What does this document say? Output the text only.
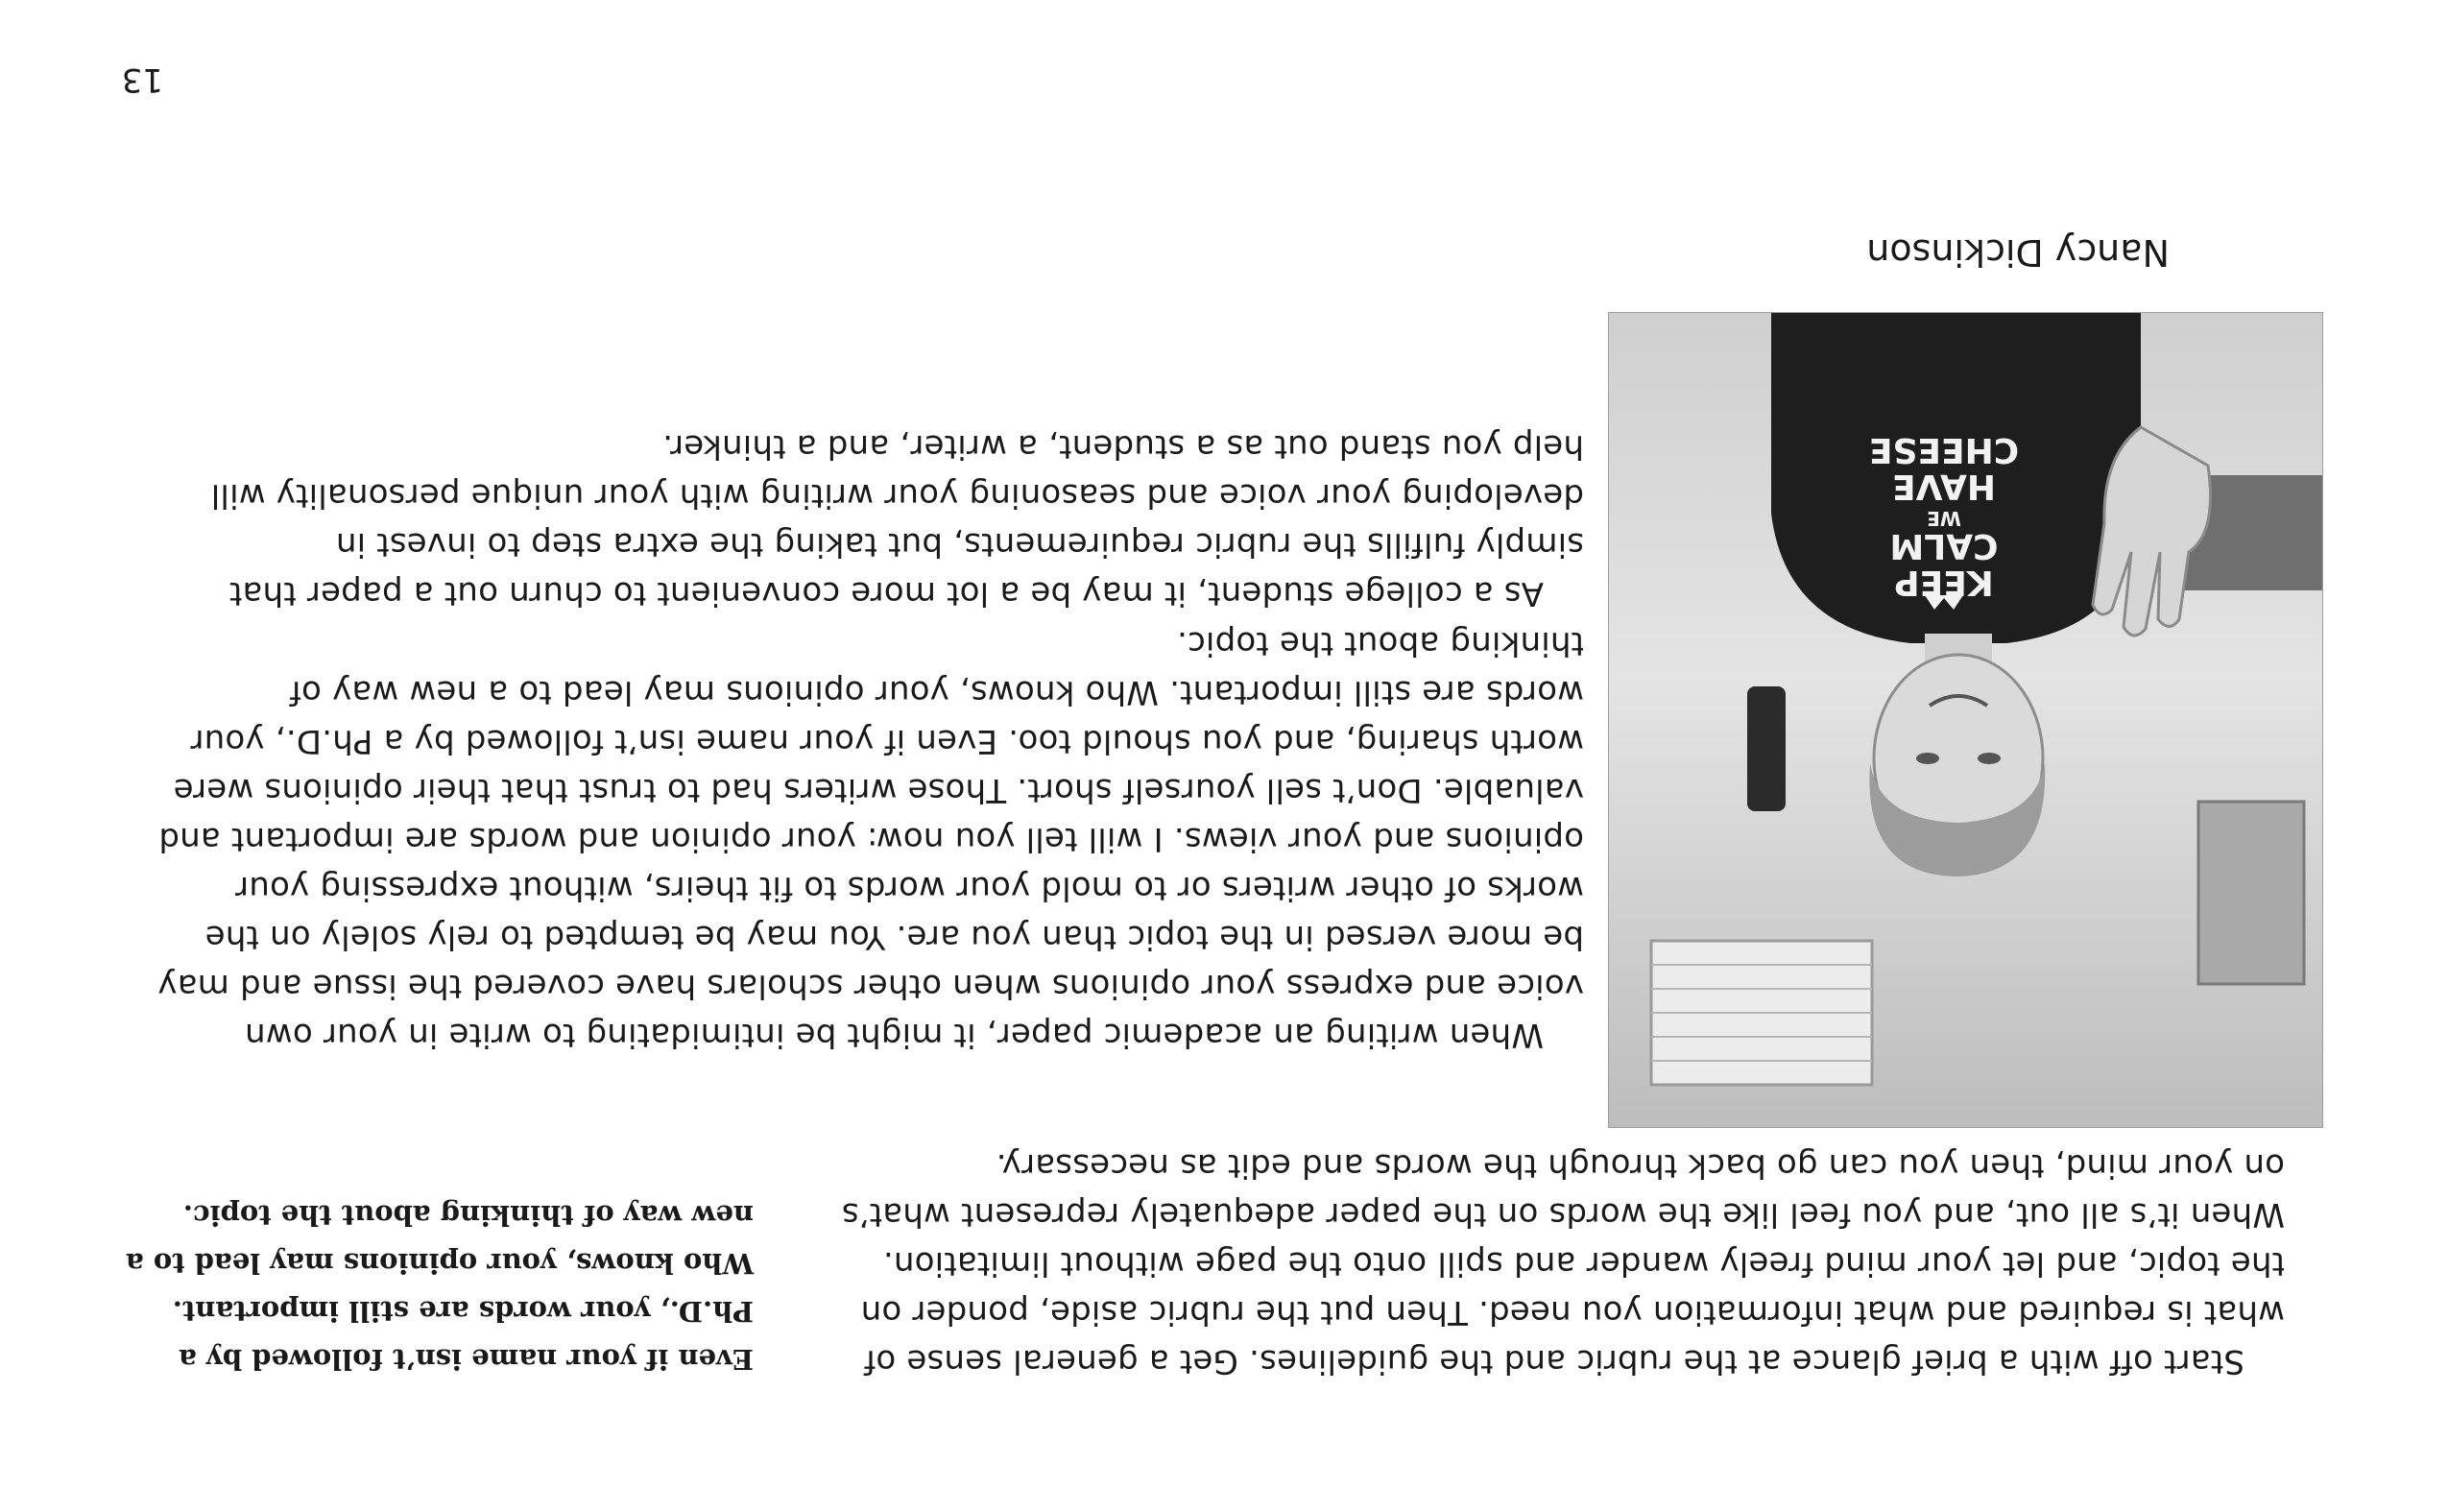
13

Start off with a brief glance at the rubric and the guidelines. Get a general sense of what is required and what information you need. Then put the rubric aside, ponder on the topic, and let your mind freely wander and spill onto the page without limitation. When it’s all out, and you feel like the words on the paper adequately represent what’s on your mind, then you can go back through the words and edit as necessary.

Even if your name isn’t followed by a Ph.D., your words are still important. Who knows, your opinions may lead to a new way of thinking about the topic.

When writing an academic paper, it might be intimidating to write in your own voice and express your opinions when other scholars have covered the issue and may be more versed in the topic than you are. You may be tempted to rely solely on the works of other writers or to mold your words to fit theirs, without expressing your opinions and your views. I will tell you now: your opinion and words are important and valuable. Don’t sell yourself short. Those writers had to trust that their opinions were worth sharing, and you should too. Even if your name isn’t followed by a Ph.D., your words are still important. Who knows, your opinions may lead to a new way of thinking about the topic.

As a college student, it may be a lot more convenient to churn out a paper that simply fulfills the rubric requirements, but taking the extra step to invest in developing your voice and seasoning your writing with your unique personality will help you stand out as a student, a writer, and a thinker.

KEEP
CALM
WE
HAVE
CHEESE

Nancy Dickinson
